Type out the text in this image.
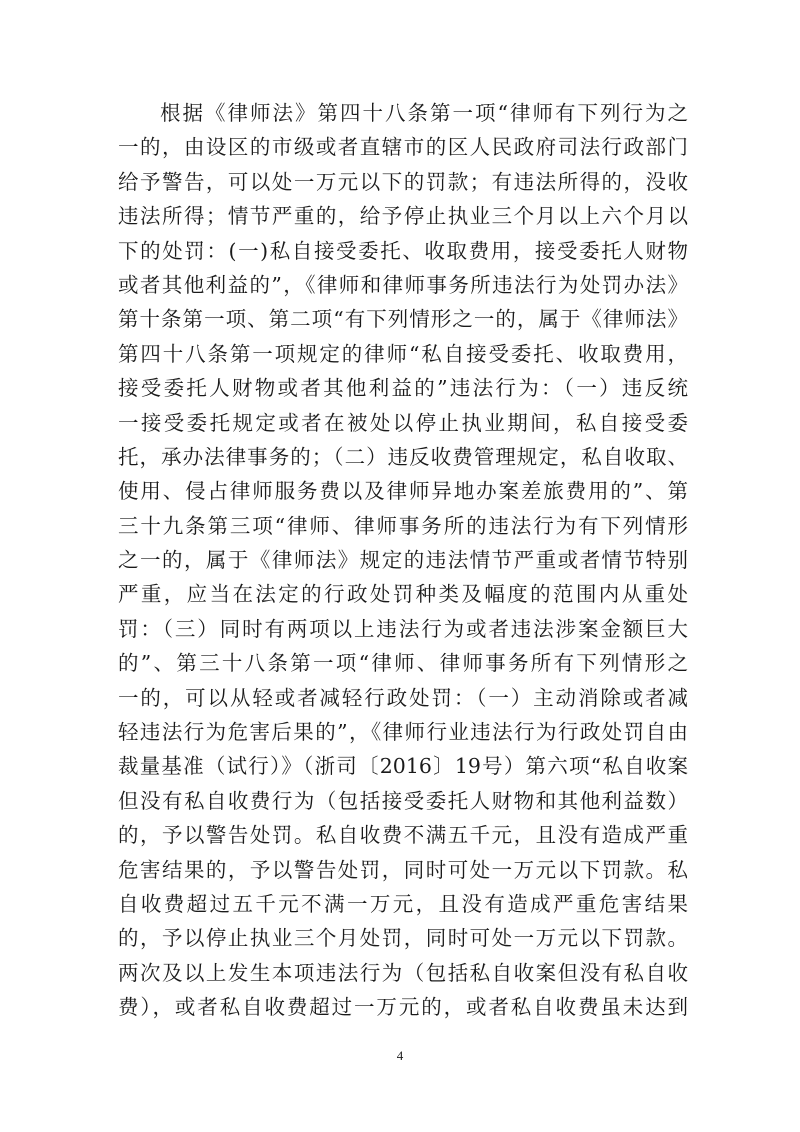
根据《律师法》第四十八条第一项“律师有下列行为之
一的，由设区的市级或者直辖市的区人民政府司法行政部门
给予警告，可以处一万元以下的罚款；有违法所得的，没收
违法所得；情节严重的，给予停止执业三个月以上六个月以
下的处罚：(一)私自接受委托、收取费用，接受委托人财物
或者其他利益的”，《律师和律师事务所违法行为处罚办法》
第十条第一项、第二项“有下列情形之一的，属于《律师法》
第四十八条第一项规定的律师“私自接受委托、收取费用，
接受委托人财物或者其他利益的”违法行为：（一）违反统
一接受委托规定或者在被处以停止执业期间，私自接受委
托，承办法律事务的；（二）违反收费管理规定，私自收取、
使用、侵占律师服务费以及律师异地办案差旅费用的”、第
三十九条第三项“律师、律师事务所的违法行为有下列情形
之一的，属于《律师法》规定的违法情节严重或者情节特别
严重，应当在法定的行政处罚种类及幅度的范围内从重处
罚：（三）同时有两项以上违法行为或者违法涉案金额巨大
的”、第三十八条第一项“律师、律师事务所有下列情形之
一的，可以从轻或者减轻行政处罚：（一）主动消除或者减
轻违法行为危害后果的”，《律师行业违法行为行政处罚自由
裁量基准（试行）》（浙司〔2016〕19号）第六项“私自收案
但没有私自收费行为（包括接受委托人财物和其他利益数）
的，予以警告处罚。私自收费不满五千元，且没有造成严重
危害结果的，予以警告处罚，同时可处一万元以下罚款。私
自收费超过五千元不满一万元，且没有造成严重危害结果
的，予以停止执业三个月处罚，同时可处一万元以下罚款。
两次及以上发生本项违法行为（包括私自收案但没有私自收
费），或者私自收费超过一万元的，或者私自收费虽未达到
4
